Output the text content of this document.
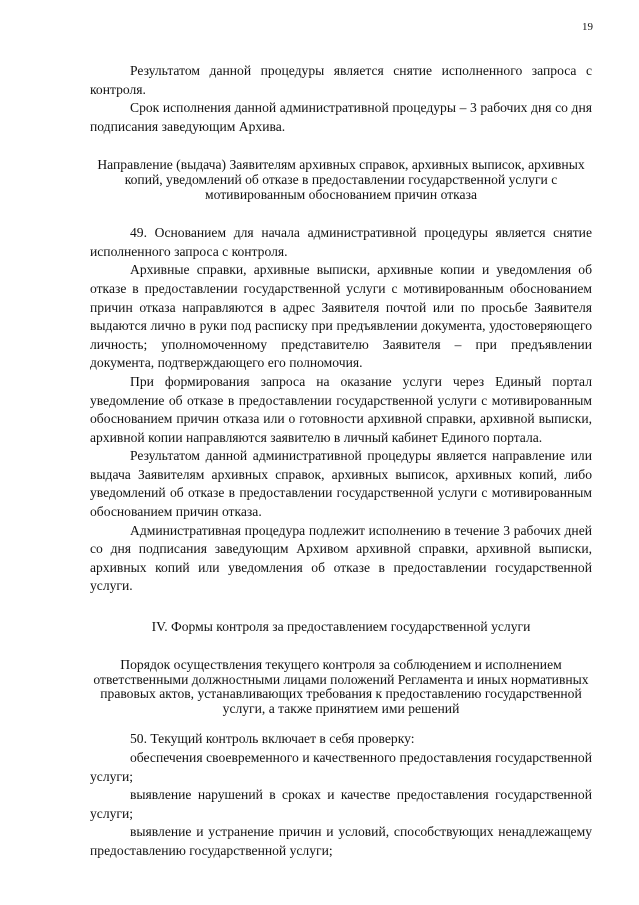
19

Результатом данной процедуры является снятие исполненного запроса с контроля.

Срок исполнения данной административной процедуры – 3 рабочих дня со дня подписания заведующим Архива.

Направление (выдача) Заявителям архивных справок, архивных выписок, архивных копий, уведомлений об отказе в предоставлении государственной услуги с мотивированным обоснованием причин отказа

49. Основанием для начала административной процедуры является снятие исполненного запроса с контроля.

Архивные справки, архивные выписки, архивные копии и уведомления об отказе в предоставлении государственной услуги с мотивированным обоснованием причин отказа направляются в адрес Заявителя почтой или по просьбе Заявителя выдаются лично в руки под расписку при предъявлении документа, удостоверяющего личность; уполномоченному представителю Заявителя – при предъявлении документа, подтверждающего его полномочия.

При формирования запроса на оказание услуги через Единый портал уведомление об отказе в предоставлении государственной услуги с мотивированным обоснованием причин отказа или о готовности архивной справки, архивной выписки, архивной копии направляются заявителю в личный кабинет Единого портала.

Результатом данной административной процедуры является направление или выдача Заявителям архивных справок, архивных выписок, архивных копий, либо уведомлений об отказе в предоставлении государственной услуги с мотивированным обоснованием причин отказа.

Административная процедура подлежит исполнению в течение 3 рабочих дней со дня подписания заведующим Архивом архивной справки, архивной выписки, архивных копий или уведомления об отказе в предоставлении государственной услуги.

IV. Формы контроля за предоставлением государственной услуги

Порядок осуществления текущего контроля за соблюдением и исполнением ответственными должностными лицами положений Регламента и иных нормативных правовых актов, устанавливающих требования к предоставлению государственной услуги, а также принятием ими решений

50. Текущий контроль включает в себя проверку:

обеспечения своевременного и качественного предоставления государственной услуги;

выявление нарушений в сроках и качестве предоставления государственной услуги;

выявление и устранение причин и условий, способствующих ненадлежащему предоставлению государственной услуги;
